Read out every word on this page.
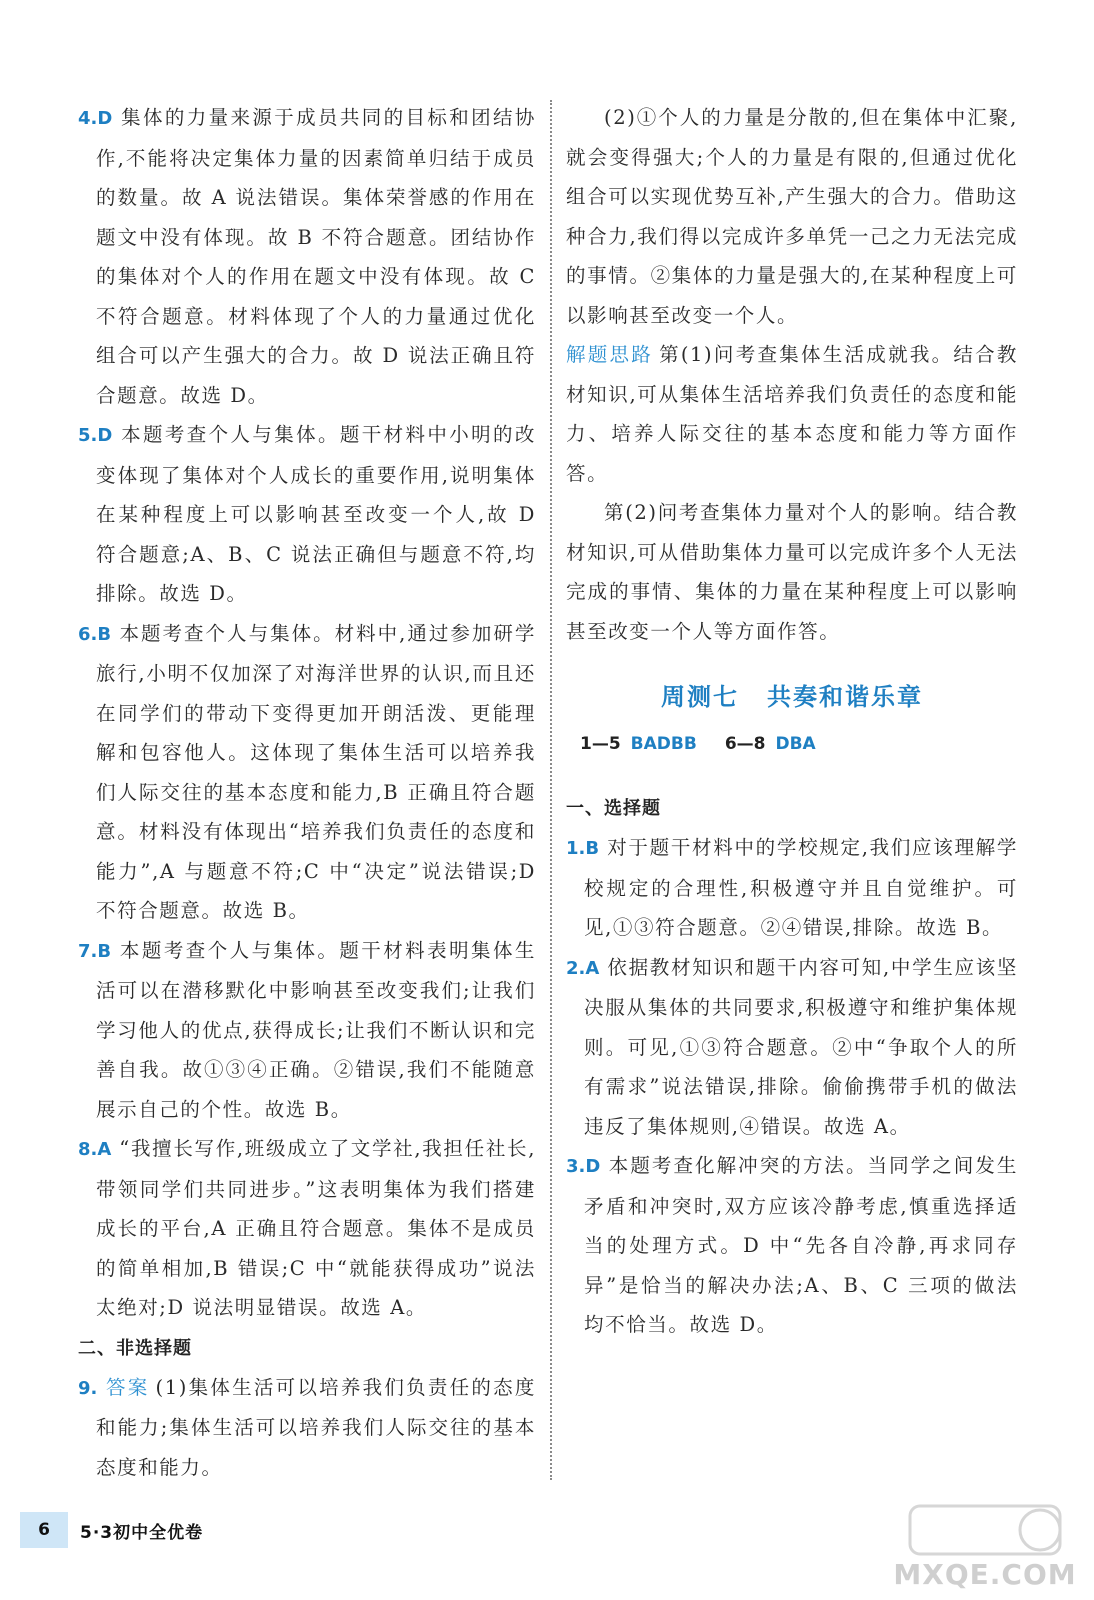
4.D 集体的力量来源于成员共同的目标和团结协作,不能将决定集体力量的因素简单归结于成员的数量。故 A 说法错误。集体荣誉感的作用在题文中没有体现。故 B 不符合题意。团结协作的集体对个人的作用在题文中没有体现。故 C 不符合题意。材料体现了个人的力量通过优化组合可以产生强大的合力。故 D 说法正确且符合题意。故选 D。

5.D 本题考查个人与集体。题干材料中小明的改变体现了集体对个人成长的重要作用,说明集体在某种程度上可以影响甚至改变一个人,故 D 符合题意;A、B、C 说法正确但与题意不符,均排除。故选 D。

6.B 本题考查个人与集体。材料中,通过参加研学旅行,小明不仅加深了对海洋世界的认识,而且还在同学们的带动下变得更加开朗活泼、更能理解和包容他人。这体现了集体生活可以培养我们人际交往的基本态度和能力,B 正确且符合题意。材料没有体现出“培养我们负责任的态度和能力”,A 与题意不符;C 中“决定”说法错误;D 不符合题意。故选 B。

7.B 本题考查个人与集体。题干材料表明集体生活可以在潜移默化中影响甚至改变我们;让我们学习他人的优点,获得成长;让我们不断认识和完善自我。故①③④正确。②错误,我们不能随意展示自己的个性。故选 B。

8.A “我擅长写作,班级成立了文学社,我担任社长,带领同学们共同进步。”这表明集体为我们搭建成长的平台,A 正确且符合题意。集体不是成员的简单相加,B 错误;C 中“就能获得成功”说法太绝对;D 说法明显错误。故选 A。

二、非选择题

9. 答案 (1)集体生活可以培养我们负责任的态度和能力;集体生活可以培养我们人际交往的基本态度和能力。

(2)①个人的力量是分散的,但在集体中汇聚,就会变得强大;个人的力量是有限的,但通过优化组合可以实现优势互补,产生强大的合力。借助这种合力,我们得以完成许多单凭一己之力无法完成的事情。②集体的力量是强大的,在某种程度上可以影响甚至改变一个人。

解题思路 第(1)问考查集体生活成就我。结合教材知识,可从集体生活培养我们负责任的态度和能力、培养人际交往的基本态度和能力等方面作答。

第(2)问考查集体力量对个人的影响。结合教材知识,可从借助集体力量可以完成许多个人无法完成的事情、集体的力量在某种程度上可以影响甚至改变一个人等方面作答。

周测七 共奏和谐乐章
1—5 BADBB 6—8 DBA

一、选择题

1.B 对于题干材料中的学校规定,我们应该理解学校规定的合理性,积极遵守并且自觉维护。可见,①③符合题意。②④错误,排除。故选 B。

2.A 依据教材知识和题干内容可知,中学生应该坚决服从集体的共同要求,积极遵守和维护集体规则。可见,①③符合题意。②中“争取个人的所有需求”说法错误,排除。偷偷携带手机的做法违反了集体规则,④错误。故选 A。

3.D 本题考查化解冲突的方法。当同学之间发生矛盾和冲突时,双方应该冷静考虑,慎重选择适当的处理方式。D 中“先各自冷静,再求同存异”是恰当的解决办法;A、B、C 三项的做法均不恰当。故选 D。

6	5·3初中全优卷
MXQE.COM
